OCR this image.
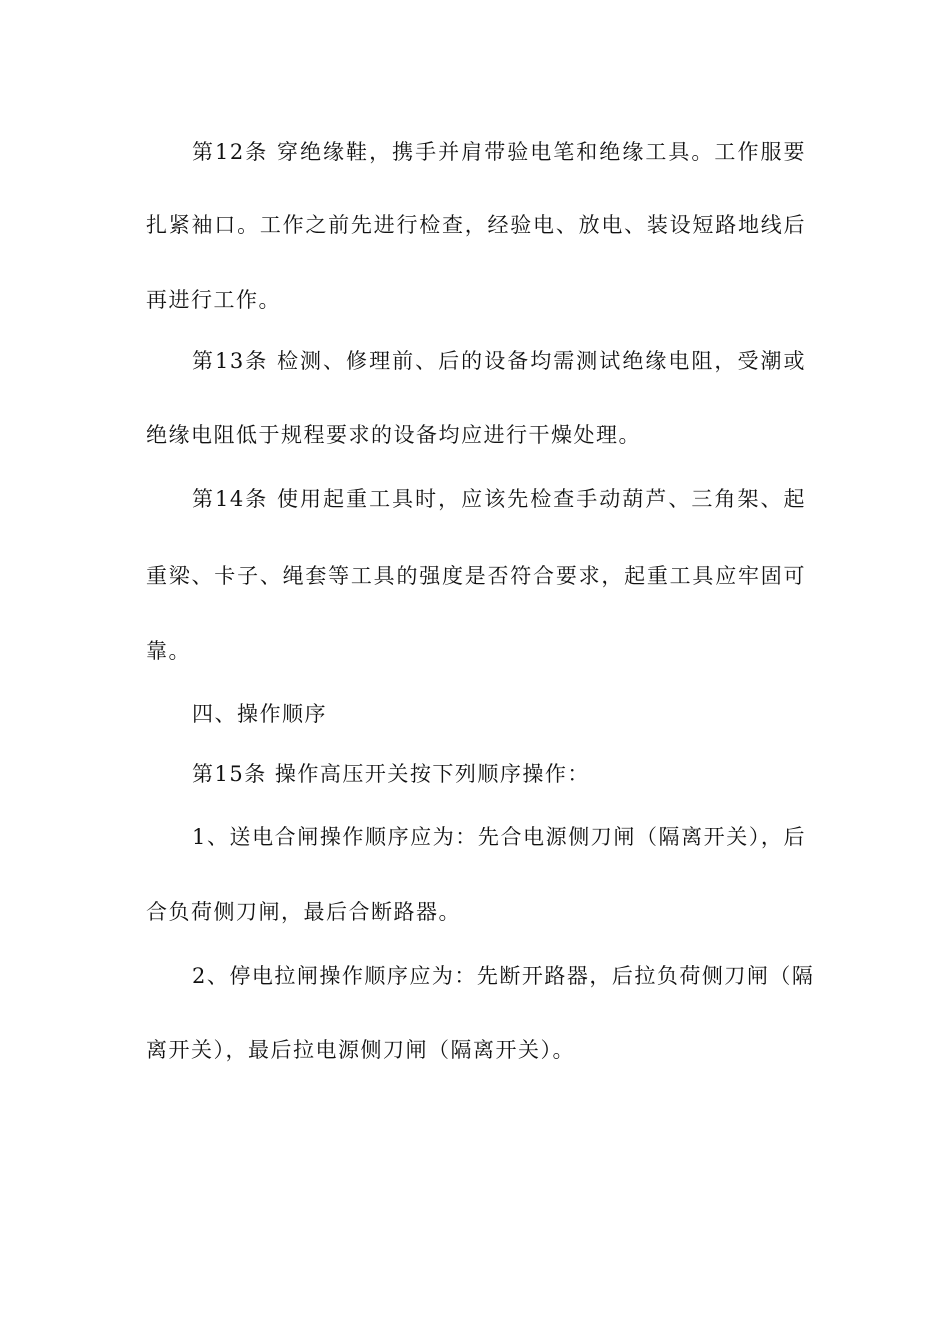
第12条 穿绝缘鞋，携手并肩带验电笔和绝缘工具。工作服要
扎紧袖口。工作之前先进行检查，经验电、放电、装设短路地线后
再进行工作。
第13条 检测、修理前、后的设备均需测试绝缘电阻，受潮或
绝缘电阻低于规程要求的设备均应进行干燥处理。
第14条 使用起重工具时，应该先检查手动葫芦、三角架、起
重梁、卡子、绳套等工具的强度是否符合要求，起重工具应牢固可
靠。
四、操作顺序
第15条 操作高压开关按下列顺序操作：
1、送电合闸操作顺序应为：先合电源侧刀闸（隔离开关），后
合负荷侧刀闸，最后合断路器。
2、停电拉闸操作顺序应为：先断开路器，后拉负荷侧刀闸（隔
离开关），最后拉电源侧刀闸（隔离开关）。
